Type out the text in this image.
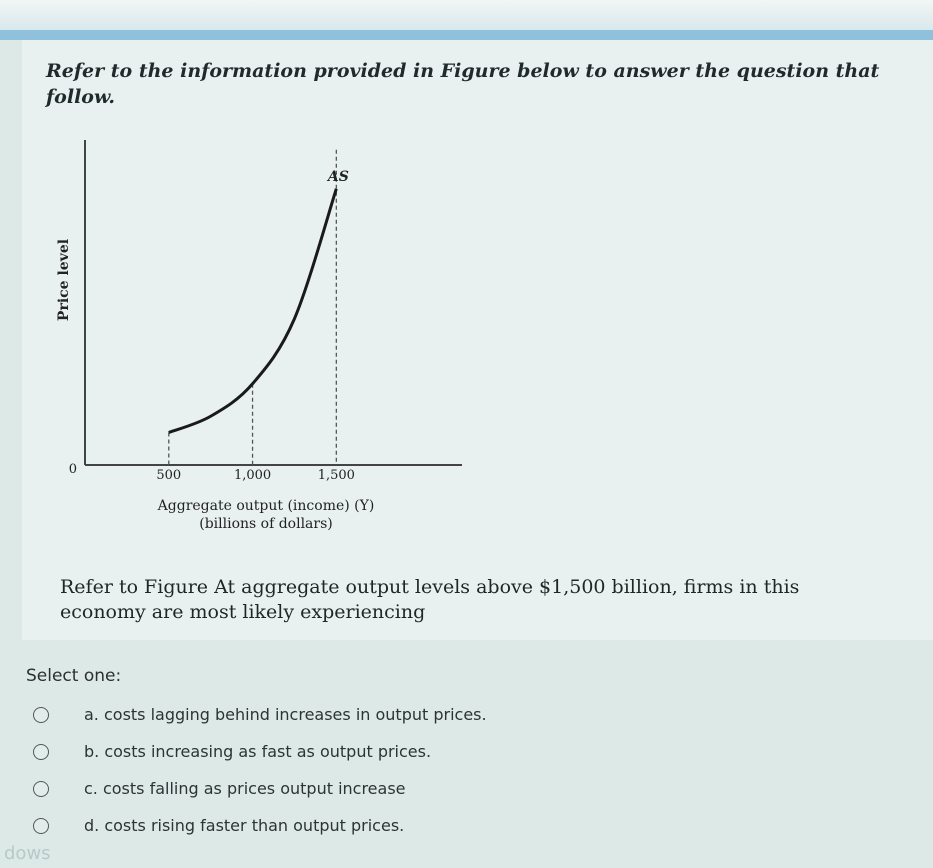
Refer to the information provided in Figure below to answer the question that follow.

AS
0	500	1,000	1,500
Price level
Aggregate output (income) (Y)
(billions of dollars)

Refer to Figure At aggregate output levels above $1,500 billion, firms in this economy are most likely experiencing

Select one:
a. costs lagging behind increases in output prices.
b. costs increasing as fast as output prices.
c. costs falling as prices output increase
d. costs rising faster than output prices.
dows
